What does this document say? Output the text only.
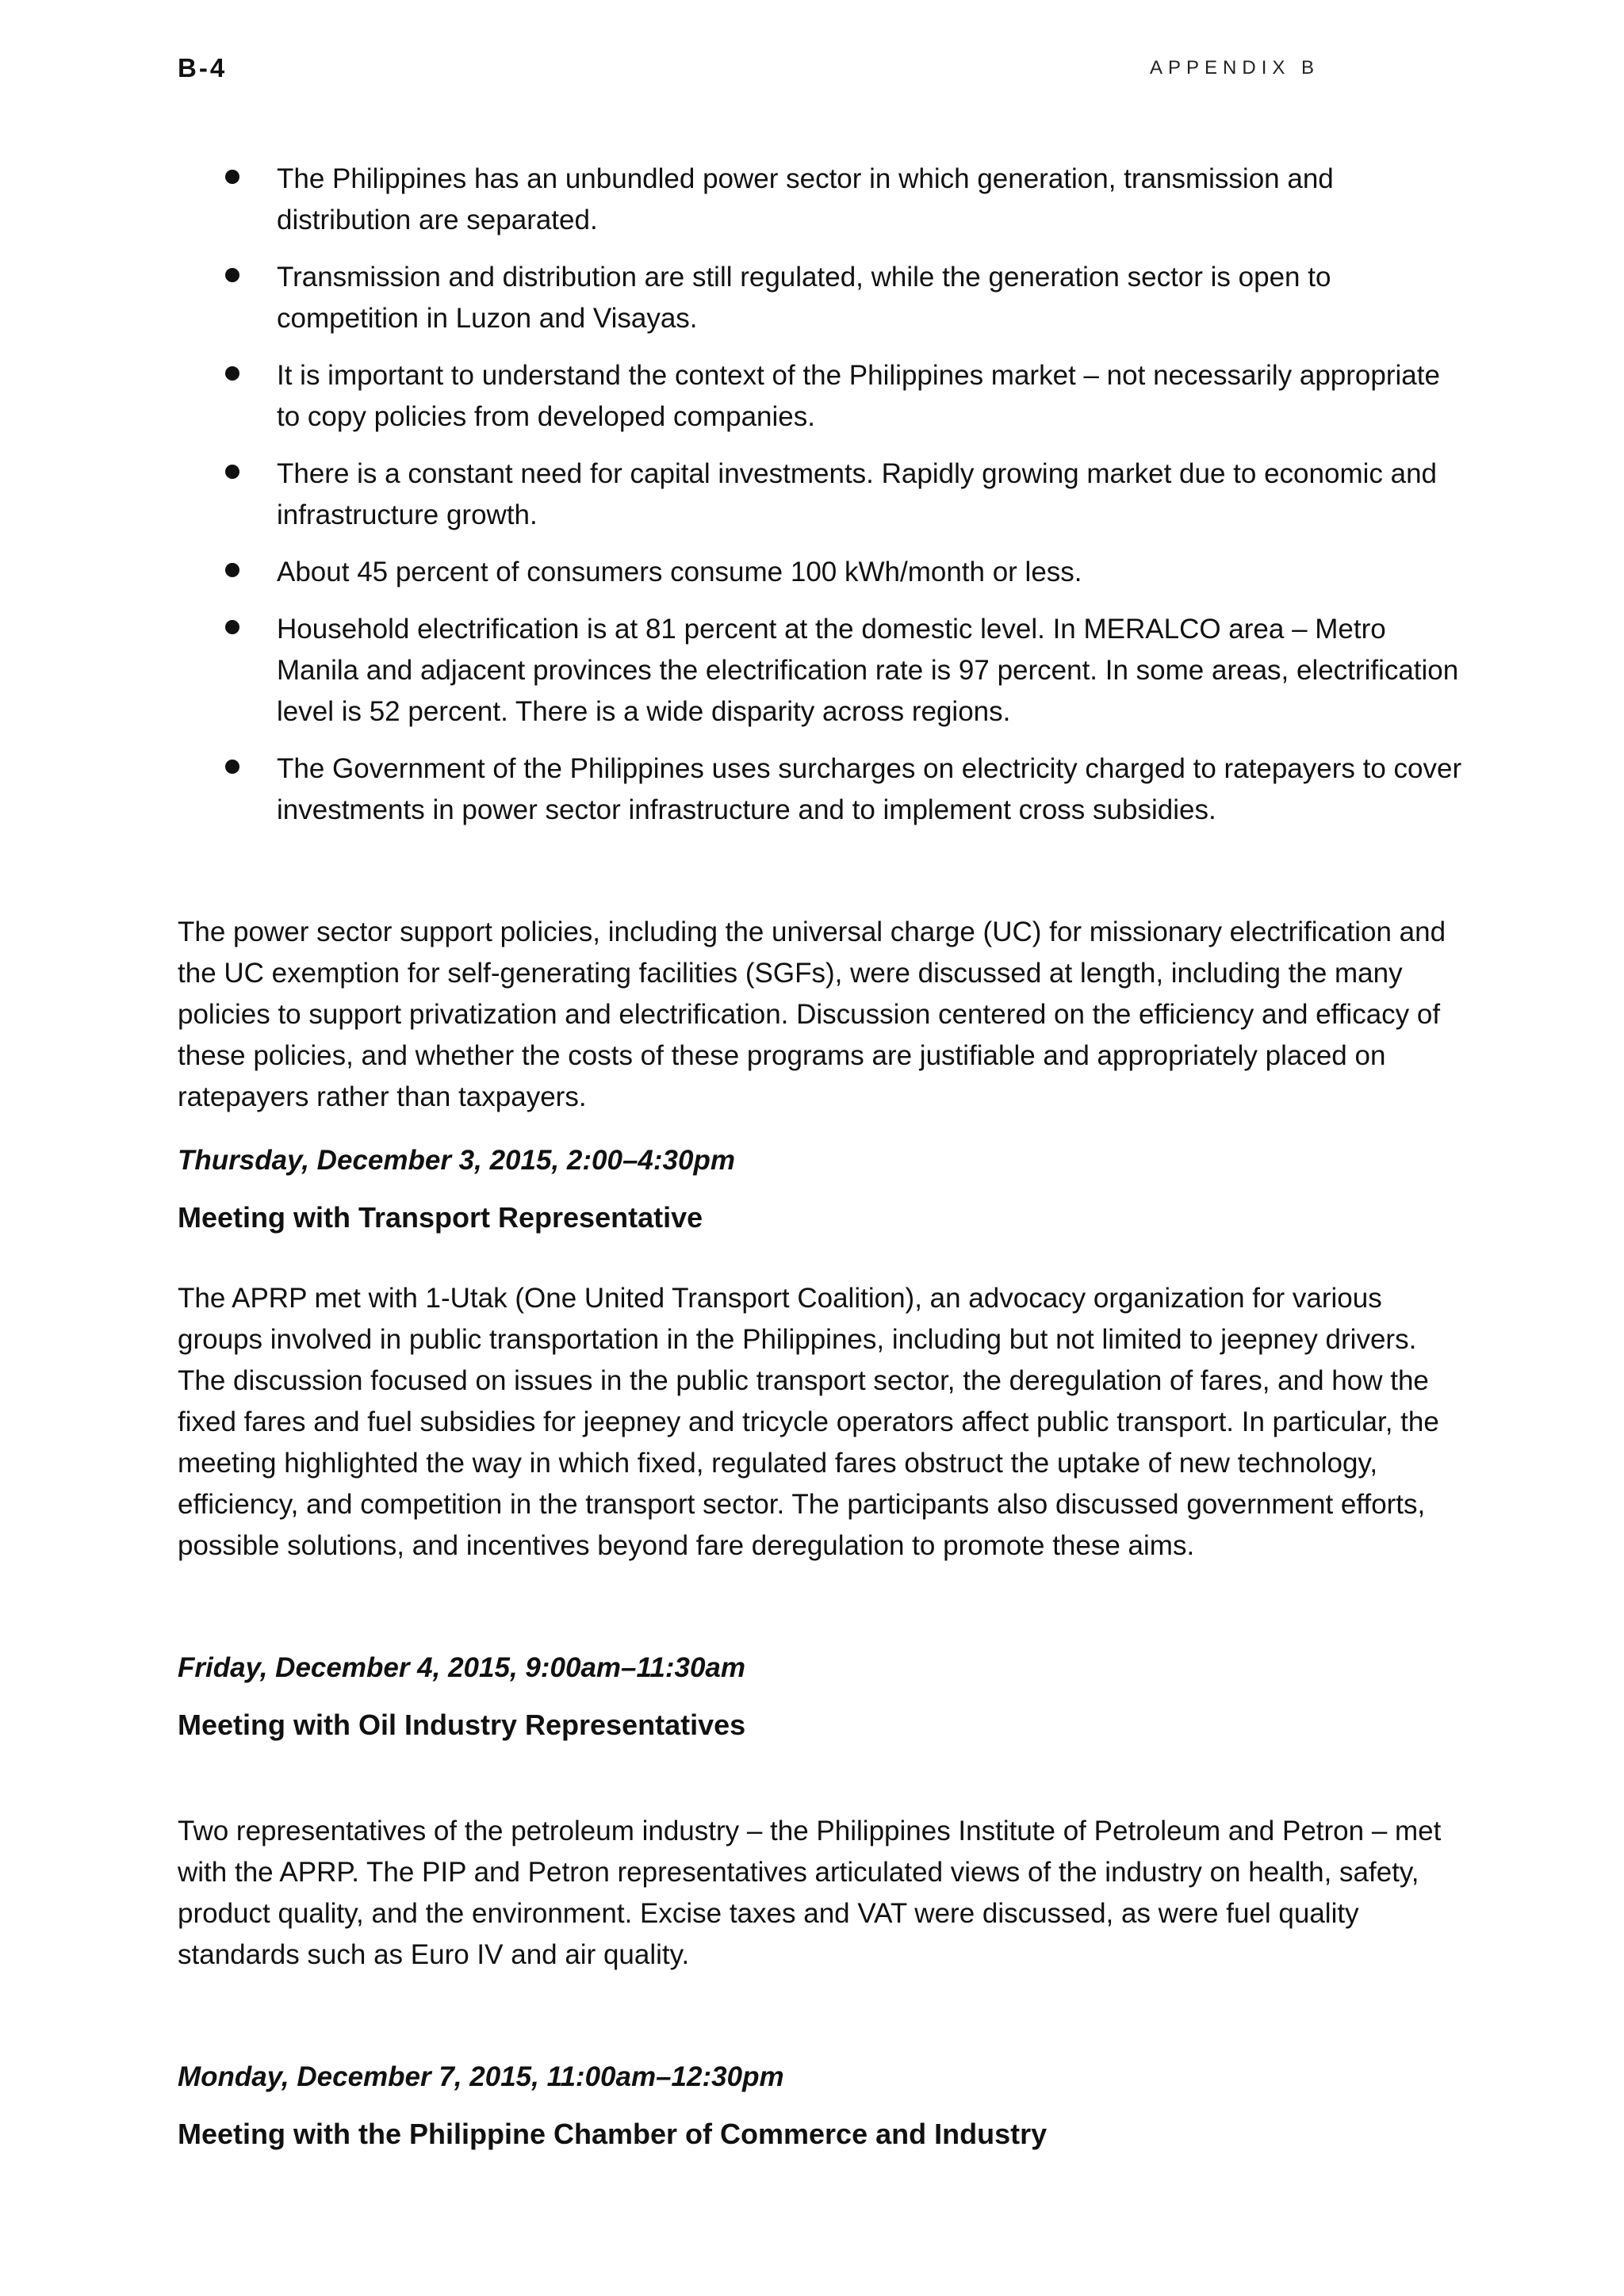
B-4	APPENDIX B
The Philippines has an unbundled power sector in which generation, transmission and distribution are separated.
Transmission and distribution are still regulated, while the generation sector is open to competition in Luzon and Visayas.
It is important to understand the context of the Philippines market – not necessarily appropriate to copy policies from developed companies.
There is a constant need for capital investments. Rapidly growing market due to economic and infrastructure growth.
About 45 percent of consumers consume 100 kWh/month or less.
Household electrification is at 81 percent at the domestic level. In MERALCO area – Metro Manila and adjacent provinces the electrification rate is 97 percent. In some areas, electrification level is 52 percent. There is a wide disparity across regions.
The Government of the Philippines uses surcharges on electricity charged to ratepayers to cover investments in power sector infrastructure and to implement cross subsidies.

The power sector support policies, including the universal charge (UC) for missionary electrification and the UC exemption for self-generating facilities (SGFs), were discussed at length, including the many policies to support privatization and electrification. Discussion centered on the efficiency and efficacy of these policies, and whether the costs of these programs are justifiable and appropriately placed on ratepayers rather than taxpayers.

Thursday, December 3, 2015, 2:00–4:30pm
Meeting with Transport Representative

The APRP met with 1-Utak (One United Transport Coalition), an advocacy organization for various groups involved in public transportation in the Philippines, including but not limited to jeepney drivers. The discussion focused on issues in the public transport sector, the deregulation of fares, and how the fixed fares and fuel subsidies for jeepney and tricycle operators affect public transport. In particular, the meeting highlighted the way in which fixed, regulated fares obstruct the uptake of new technology, efficiency, and competition in the transport sector. The participants also discussed government efforts, possible solutions, and incentives beyond fare deregulation to promote these aims.

Friday, December 4, 2015, 9:00am–11:30am
Meeting with Oil Industry Representatives

Two representatives of the petroleum industry – the Philippines Institute of Petroleum and Petron – met with the APRP. The PIP and Petron representatives articulated views of the industry on health, safety, product quality, and the environment. Excise taxes and VAT were discussed, as were fuel quality standards such as Euro IV and air quality.

Monday, December 7, 2015, 11:00am–12:30pm
Meeting with the Philippine Chamber of Commerce and Industry
